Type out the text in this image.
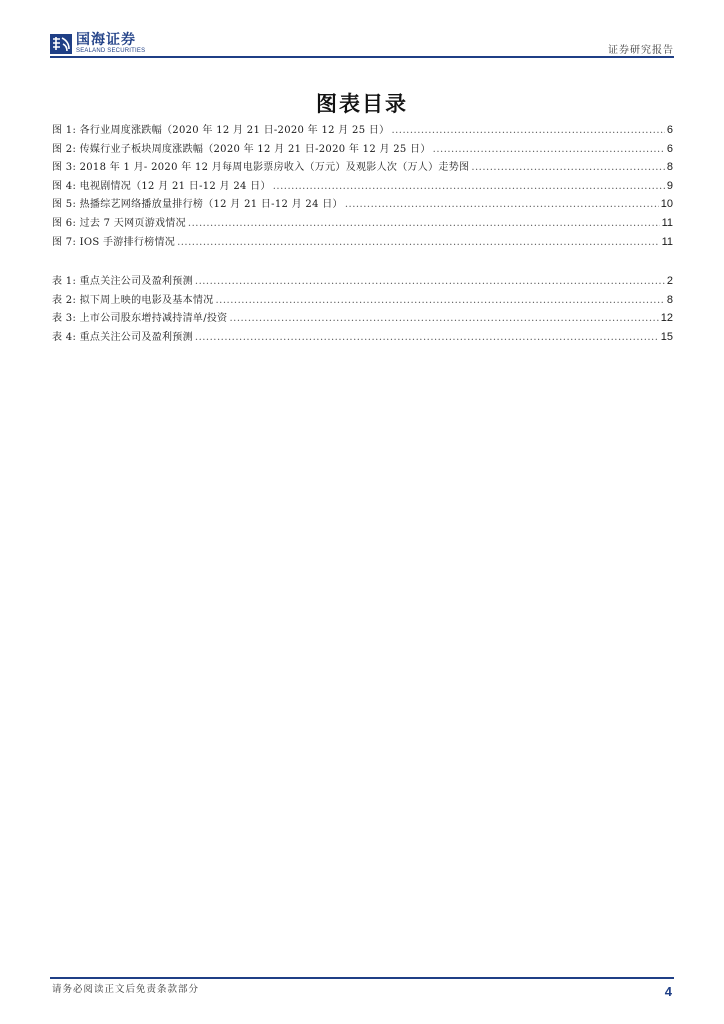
国海证券
SEALAND SECURITIES	证券研究报告
图表目录
图 1: 各行业周度涨跌幅（2020 年 12 月 21 日-2020 年 12 月 25 日） .....	6
图 2: 传媒行业子板块周度涨跌幅（2020 年 12 月 21 日-2020 年 12 月 25 日） .....	6
图 3: 2018 年 1 月- 2020 年 12 月每周电影票房收入（万元）及观影人次（万人）走势图 .....	8
图 4: 电视剧情况（12 月 21 日-12 月 24 日） .....	9
图 5: 热播综艺网络播放量排行榜（12 月 21 日-12 月 24 日） .....	10
图 6: 过去 7 天网页游戏情况 .....	11
图 7: IOS 手游排行榜情况 .....	11
表 1: 重点关注公司及盈利预测 .....	2
表 2: 拟下周上映的电影及基本情况 .....	8
表 3: 上市公司股东增持减持清单/投资 .....	12
表 4: 重点关注公司及盈利预测 .....	15
请务必阅读正文后免责条款部分	4
